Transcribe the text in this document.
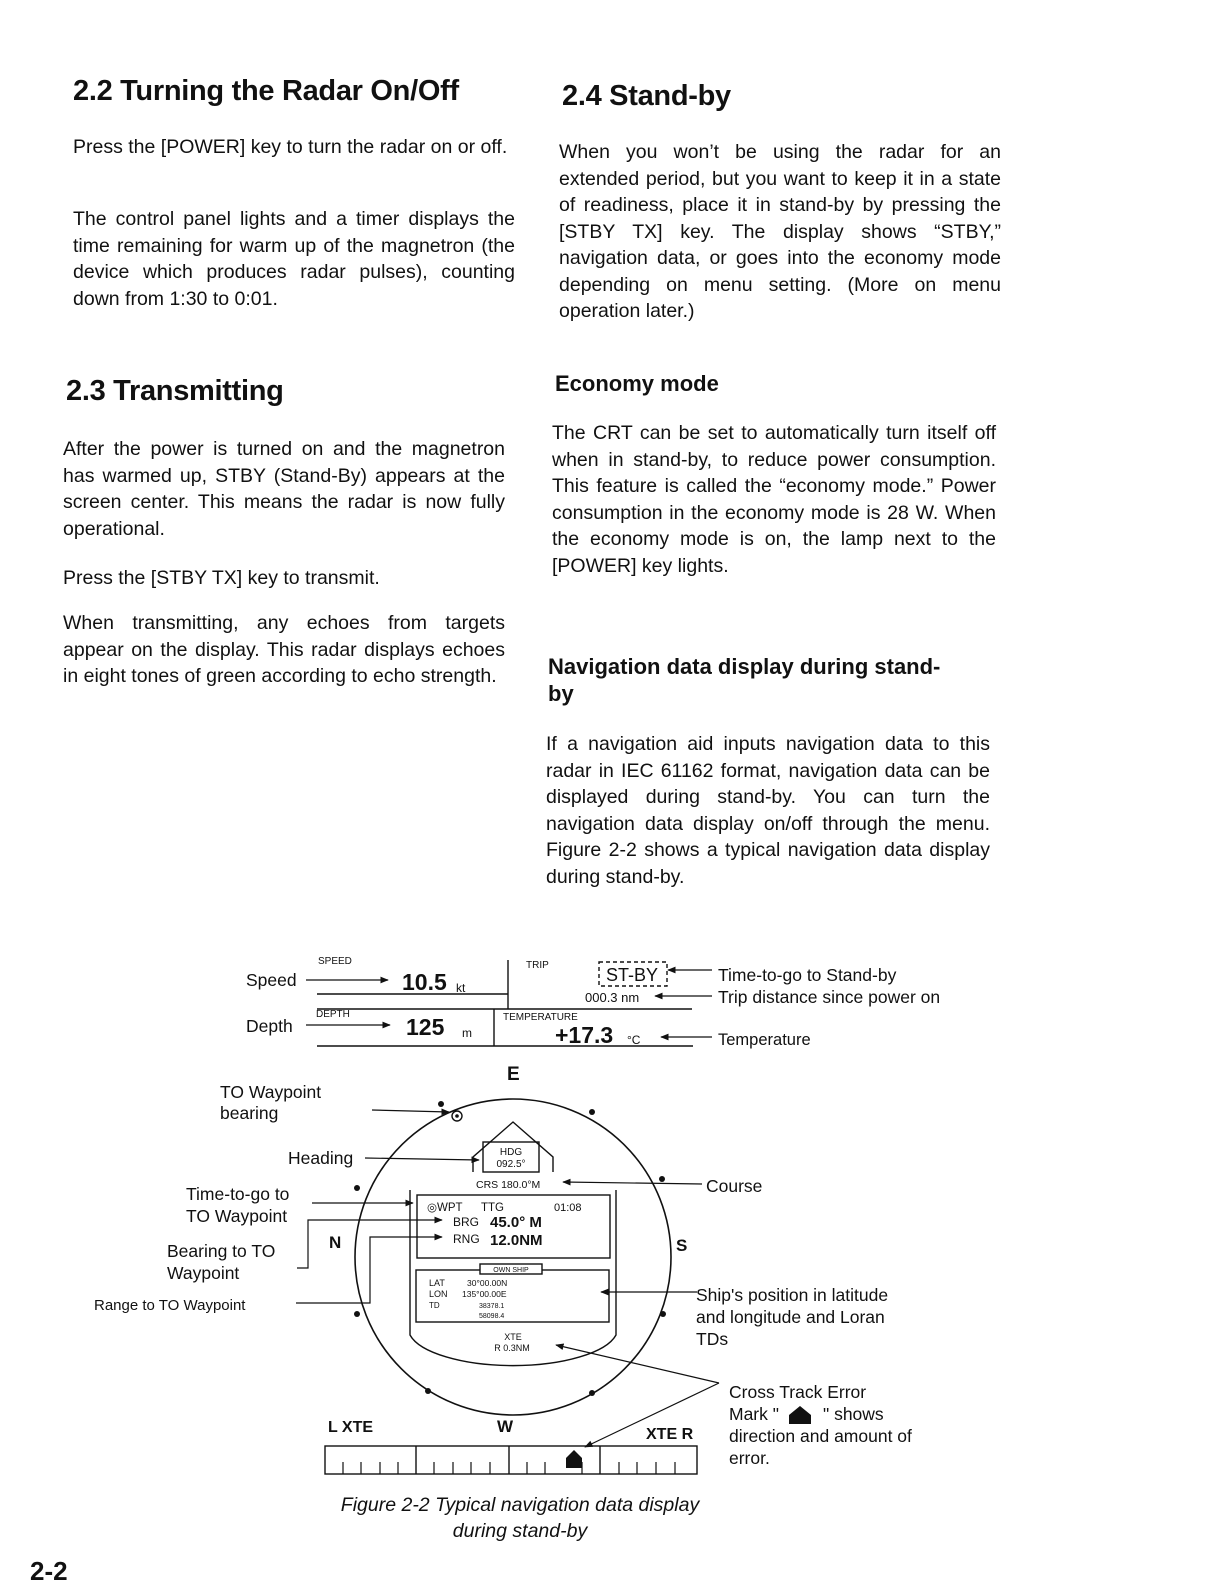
2.2 Turning the Radar On/Off

Press the [POWER] key to turn the radar on or off.

The control panel lights and a timer displays the time remaining for warm up of the magnetron (the device which produces radar pulses), counting down from 1:30 to 0:01.

2.3 Transmitting

After the power is turned on and the magnetron has warmed up, STBY (Stand-By) appears at the screen center. This means the radar is now fully operational.

Press the [STBY TX] key to transmit.

When transmitting, any echoes from targets appear on the display. This radar displays echoes in eight tones of green according to echo strength.

2.4 Stand-by

When you won’t be using the radar for an extended period, but you want to keep it in a state of readiness, place it in stand-by by pressing the [STBY TX] key. The display shows “STBY,” navigation data, or goes into the economy mode depending on menu setting. (More on menu operation later.)

Economy mode

The CRT can be set to automatically turn itself off when in stand-by, to reduce power consumption. This feature is called the “economy mode.” Power consumption in the economy mode is 28 W. When the economy mode is on, the lamp next to the [POWER] key lights.

Navigation data display during stand-by

If a navigation aid inputs navigation data to this radar in IEC 61162 format, navigation data can be displayed during stand-by. You can turn the navigation data display on/off through the menu. Figure 2-2 shows a typical navigation data display during stand-by.

SPEED
10.5 kt
DEPTH 125 m
TRIP	ST-BY
000.3 nm
TEMPERATURE
+17.3 °C
E
N	S
W
HDG
092.5°
CRS 180.0°M
◎WPT TTG	01:08
BRG 45.0° M
RNG 12.0NM
OWN SHIP
LAT	30°00.00N
LON 135°00.00E
TD	38378.1
58098.4
XTE
R 0.3NM
L XTE	XTE R
Speed
Depth
Time-to-go to Stand-by
Trip distance since power on
Temperature
TO Waypoint
bearing
Heading
Course
Time-to-go to
TO Waypoint
Bearing to TO
Waypoint
Range to TO Waypoint
Ship's position in latitude
and longitude and Loran
TDs
Cross Track Error
Mark "	" shows
direction and amount of
error.
Figure 2-2 Typical navigation data display
during stand-by
2-2
